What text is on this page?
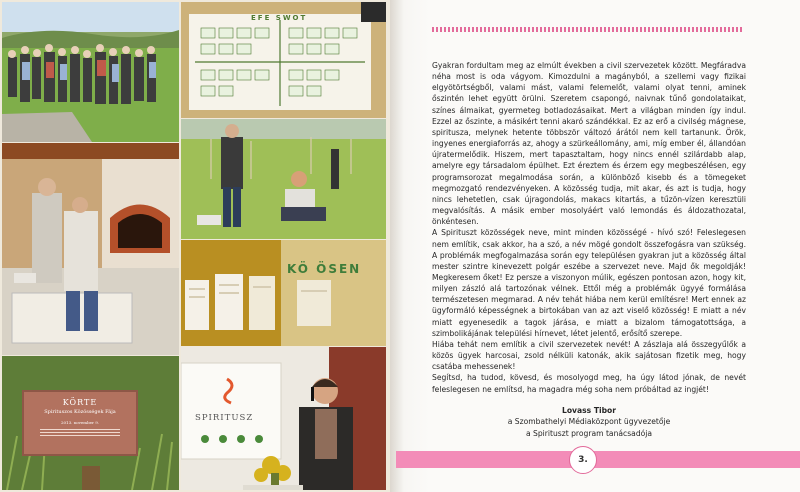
KÖRTE
Spirituszos Közösségek Fája
2013. november 9.
EFE SWOT
KÖ ÖSEN
SPIRITUSZ

Gyakran fordultam meg az elmúlt években a civil szervezetek között. Megfáradva néha most is oda vágyom. Kimozdulni a magányból, a szellemi vagy fizikai elgyötörtségből, valami mást, valami felemelőt, valami olyat tenni, aminek őszintén lehet együtt örülni. Szeretem csapongó, naivnak tűnő gondolataikat, színes álmaikat, gyermeteg botladozásaikat. Mert a világban minden így indul. Ezzel az őszinte, a másikért tenni akaró szándékkal. Ez az erő a civilség mágnese, spiritusza, melynek hetente többször változó árától nem kell tartanunk. Örök, ingyenes energiaforrás az, ahogy a szürkeállomány, ami, míg ember él, állandóan újratermelődik. Hiszem, mert tapasztaltam, hogy nincs ennél szilárdabb alap, amelyre egy társadalom épülhet. Ezt éreztem és érzem egy megbeszélésen, egy programsorozat megalmodása során, a különböző kisebb és a tömegeket megmozgató rendezvényeken. A közösség tudja, mit akar, és azt is tudja, hogy nincs lehetetlen, csak újragondolás, makacs kitartás, a tűzön-vízen keresztüli megvalósítás. A másik ember mosolyáért való lemondás és áldozathozatal, önkéntesen.

A Spirituszt közösségek neve, mint minden közösségé - hívó szó! Feleslegesen nem említik, csak akkor, ha a szó, a név mögé gondolt összefogásra van szükség. A problémák megfogalmazása során egy településen gyakran jut a közösség által mester szintre kinevezett polgár eszébe a szervezet neve. Majd ők megoldják! Megkeresem őket! Ez persze a viszonyon múlik, egészen pontosan azon, hogy kit, milyen zászló alá tartozónak vélnek. Ettől még a problémák ügyyé formálása természetesen megmarad. A név tehát hiába nem kerül említésre! Mert ennek az ügyformáló képességnek a birtokában van az azt viselő közösség! E miatt a név miatt egyenesedik a tagok járása, e miatt a bizalom támogatottsága, a szimbolikájának települési hírnevet, létet jelentő, erősítő szerepe.

Hiába tehát nem említik a civil szervezetek nevét! A zászlaja alá összegyűlők a közös ügyek harcosai, zsold nélküli katonák, akik sajátosan fizetik meg, hogy csatába mehessenek!

Segítsd, ha tudod, kövesd, és mosolyogd meg, ha úgy látod jónak, de nevét feleslegesen ne említsd, ha magadra még soha nem próbáltad az ingjét!

Lovass Tibor
a Szombathelyi Médiaközpont ügyvezetője
a Spirituszt program tanácsadója
3.
